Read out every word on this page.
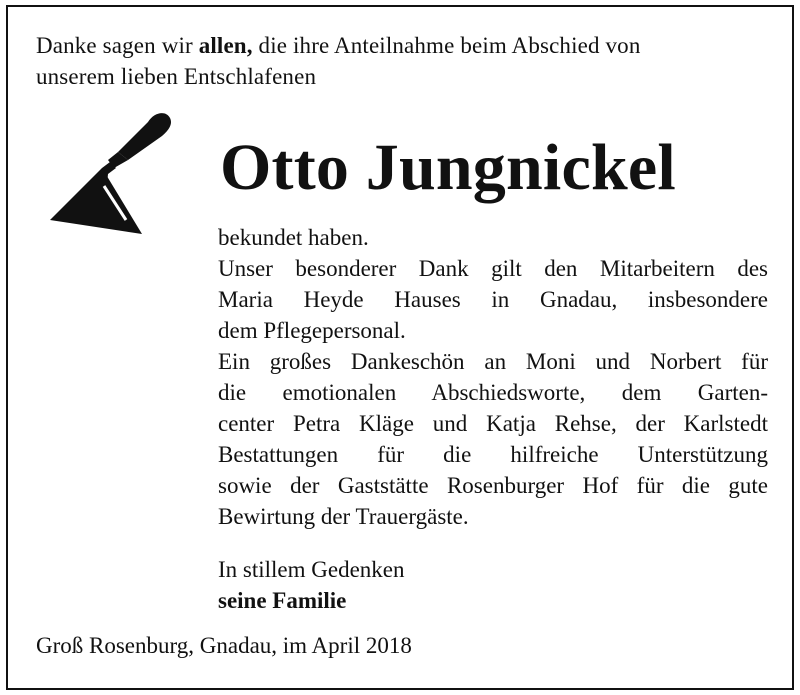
Danke sagen wir allen, die ihre Anteilnahme beim Abschied von
unserem lieben Entschlafenen
Otto Jungnickel
bekundet haben.
Unser besonderer Dank gilt den Mitarbeitern des
Maria Heyde Hauses in Gnadau, insbesondere
dem Pflegepersonal.
Ein großes Dankeschön an Moni und Norbert für
die emotionalen Abschiedsworte, dem Garten-
center Petra Kläge und Katja Rehse, der Karlstedt
Bestattungen für die hilfreiche Unterstützung
sowie der Gaststätte Rosenburger Hof für die gute
Bewirtung der Trauergäste.
In stillem Gedenken
seine Familie
Groß Rosenburg, Gnadau, im April 2018
